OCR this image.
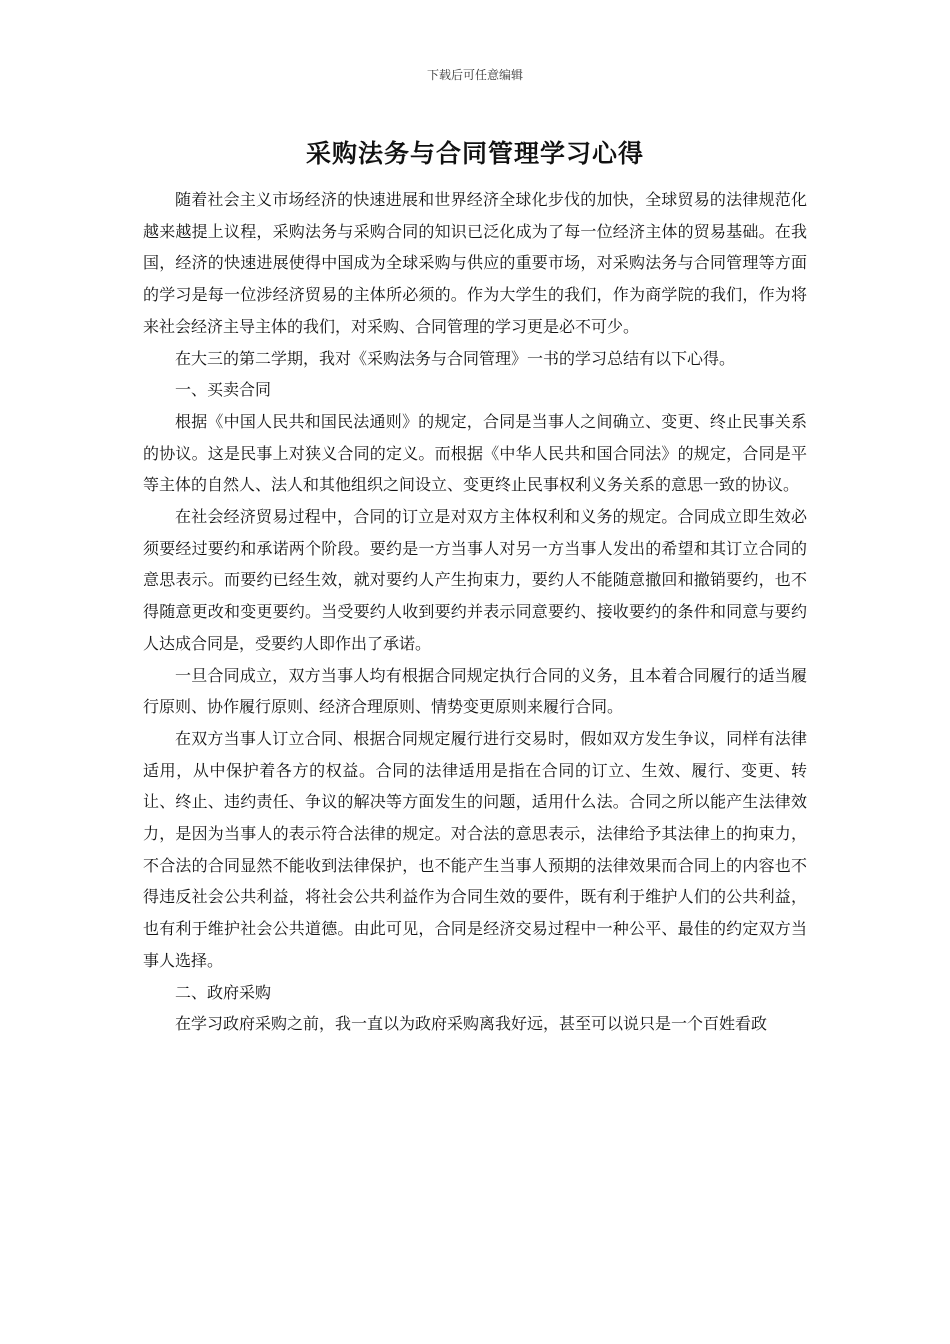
下载后可任意编辑
采购法务与合同管理学习心得

随着社会主义市场经济的快速进展和世界经济全球化步伐的加快，全球贸易的法律规范化越来越提上议程，采购法务与采购合同的知识已泛化成为了每一位经济主体的贸易基础。在我国，经济的快速进展使得中国成为全球采购与供应的重要市场，对采购法务与合同管理等方面的学习是每一位涉经济贸易的主体所必须的。作为大学生的我们，作为商学院的我们，作为将来社会经济主导主体的我们，对采购、合同管理的学习更是必不可少。

在大三的第二学期，我对《采购法务与合同管理》一书的学习总结有以下心得。

一、买卖合同

根据《中国人民共和国民法通则》的规定，合同是当事人之间确立、变更、终止民事关系的协议。这是民事上对狭义合同的定义。而根据《中华人民共和国合同法》的规定，合同是平等主体的自然人、法人和其他组织之间设立、变更终止民事权利义务关系的意思一致的协议。

在社会经济贸易过程中，合同的订立是对双方主体权利和义务的规定。合同成立即生效必须要经过要约和承诺两个阶段。要约是一方当事人对另一方当事人发出的希望和其订立合同的意思表示。而要约已经生效，就对要约人产生拘束力，要约人不能随意撤回和撤销要约，也不得随意更改和变更要约。当受要约人收到要约并表示同意要约、接收要约的条件和同意与要约人达成合同是，受要约人即作出了承诺。

一旦合同成立，双方当事人均有根据合同规定执行合同的义务，且本着合同履行的适当履行原则、协作履行原则、经济合理原则、情势变更原则来履行合同。

在双方当事人订立合同、根据合同规定履行进行交易时，假如双方发生争议，同样有法律适用，从中保护着各方的权益。合同的法律适用是指在合同的订立、生效、履行、变更、转让、终止、违约责任、争议的解决等方面发生的问题，适用什么法。合同之所以能产生法律效力，是因为当事人的表示符合法律的规定。对合法的意思表示，法律给予其法律上的拘束力，不合法的合同显然不能收到法律保护，也不能产生当事人预期的法律效果而合同上的内容也不得违反社会公共利益，将社会公共利益作为合同生效的要件，既有利于维护人们的公共利益，也有利于维护社会公共道德。由此可见，合同是经济交易过程中一种公平、最佳的约定双方当事人选择。

二、政府采购

在学习政府采购之前，我一直以为政府采购离我好远，甚至可以说只是一个百姓看政
